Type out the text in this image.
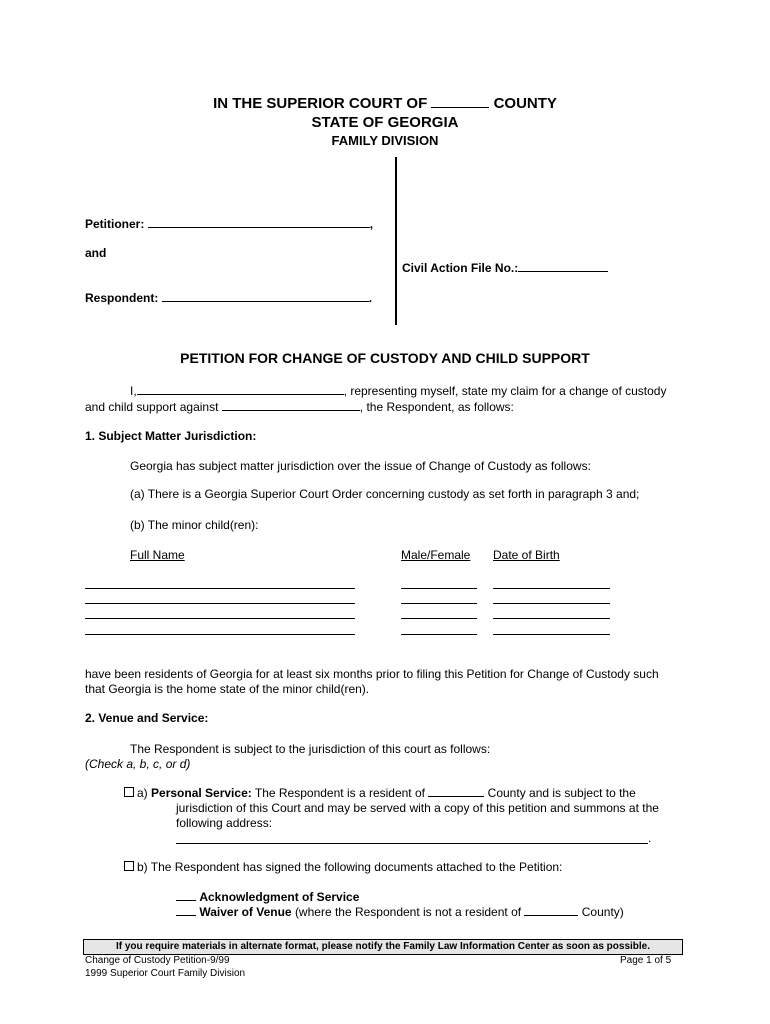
IN THE SUPERIOR COURT OF	COUNTY
STATE OF GEORGIA
FAMILY DIVISION
Petitioner:	,
and
Civil Action File No.:
Respondent:	.
PETITION FOR CHANGE OF CUSTODY AND CHILD SUPPORT
I,	, representing myself, state my claim for a change of custody
and child support against	, the Respondent, as follows:
1. Subject Matter Jurisdiction:
Georgia has subject matter jurisdiction over the issue of Change of Custody as follows:
(a) There is a Georgia Superior Court Order concerning custody as set forth in paragraph 3 and;
(b) The minor child(ren):
Full Name	Male/Female Date of Birth
have been residents of Georgia for at least six months prior to filing this Petition for Change of Custody such
that Georgia is the home state of the minor child(ren).
2. Venue and Service:
The Respondent is subject to the jurisdiction of this court as follows:
(Check a, b, c, or d)
a) Personal Service: The Respondent is a resident of	County and is subject to the
jurisdiction of this Court and may be served with a copy of this petition and summons at the
following address:
.
b) The Respondent has signed the following documents attached to the Petition:
Acknowledgment of Service
Waiver of Venue (where the Respondent is not a resident of	County)
If you require materials in alternate format, please notify the Family Law Information Center as soon as possible.
Change of Custody Petition-9/99	Page 1 of 5
1999 Superior Court Family Division
